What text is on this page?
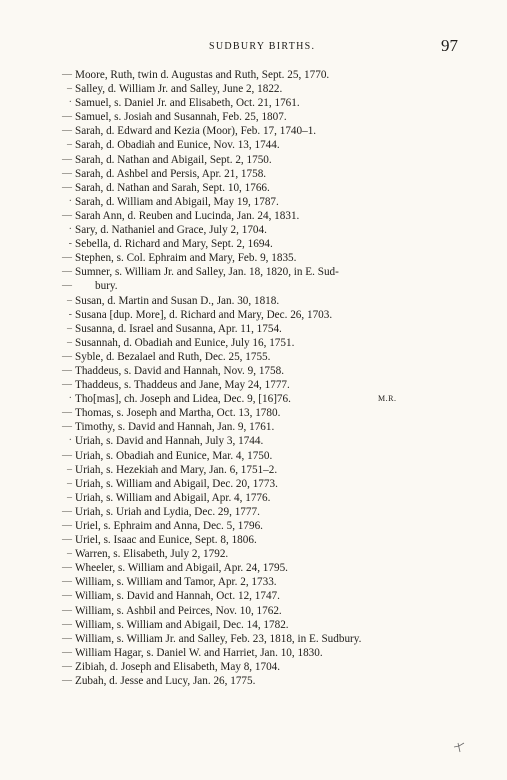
SUDBURY BIRTHS.	97
— Moore, Ruth, twin d. Augustas and Ruth, Sept. 25, 1770.
– Salley, d. William Jr. and Salley, June 2, 1822.
· Samuel, s. Daniel Jr. and Elisabeth, Oct. 21, 1761.
— Samuel, s. Josiah and Susannah, Feb. 25, 1807.
— Sarah, d. Edward and Kezia (Moor), Feb. 17, 1740–1.
– Sarah, d. Obadiah and Eunice, Nov. 13, 1744.
— Sarah, d. Nathan and Abigail, Sept. 2, 1750.
— Sarah, d. Ashbel and Persis, Apr. 21, 1758.
— Sarah, d. Nathan and Sarah, Sept. 10, 1766.
· Sarah, d. William and Abigail, May 19, 1787.
— Sarah Ann, d. Reuben and Lucinda, Jan. 24, 1831.
· Sary, d. Nathaniel and Grace, July 2, 1704.
- Sebella, d. Richard and Mary, Sept. 2, 1694.
— Stephen, s. Col. Ephraim and Mary, Feb. 9, 1835.
— Sumner, s. William Jr. and Salley, Jan. 18, 1820, in E. Sud-
— bury.
– Susan, d. Martin and Susan D., Jan. 30, 1818.
- Susana [dup. More], d. Richard and Mary, Dec. 26, 1703.
– Susanna, d. Israel and Susanna, Apr. 11, 1754.
– Susannah, d. Obadiah and Eunice, July 16, 1751.
— Syble, d. Bezalael and Ruth, Dec. 25, 1755.
— Thaddeus, s. David and Hannah, Nov. 9, 1758.
— Thaddeus, s. Thaddeus and Jane, May 24, 1777.
· Tho[mas], ch. Joseph and Lidea, Dec. 9, [16]76.	M.R.
— Thomas, s. Joseph and Martha, Oct. 13, 1780.
— Timothy, s. David and Hannah, Jan. 9, 1761.
· Uriah, s. David and Hannah, July 3, 1744.
— Uriah, s. Obadiah and Eunice, Mar. 4, 1750.
– Uriah, s. Hezekiah and Mary, Jan. 6, 1751–2.
– Uriah, s. William and Abigail, Dec. 20, 1773.
– Uriah, s. William and Abigail, Apr. 4, 1776.
— Uriah, s. Uriah and Lydia, Dec. 29, 1777.
— Uriel, s. Ephraim and Anna, Dec. 5, 1796.
— Uriel, s. Isaac and Eunice, Sept. 8, 1806.
– Warren, s. Elisabeth, July 2, 1792.
— Wheeler, s. William and Abigail, Apr. 24, 1795.
— William, s. William and Tamor, Apr. 2, 1733.
— William, s. David and Hannah, Oct. 12, 1747.
— William, s. Ashbil and Peirces, Nov. 10, 1762.
— William, s. William and Abigail, Dec. 14, 1782.
— William, s. William Jr. and Salley, Feb. 23, 1818, in E. Sudbury.
— William Hagar, s. Daniel W. and Harriet, Jan. 10, 1830.
— Zibiah, d. Joseph and Elisabeth, May 8, 1704.
— Zubah, d. Jesse and Lucy, Jan. 26, 1775.
